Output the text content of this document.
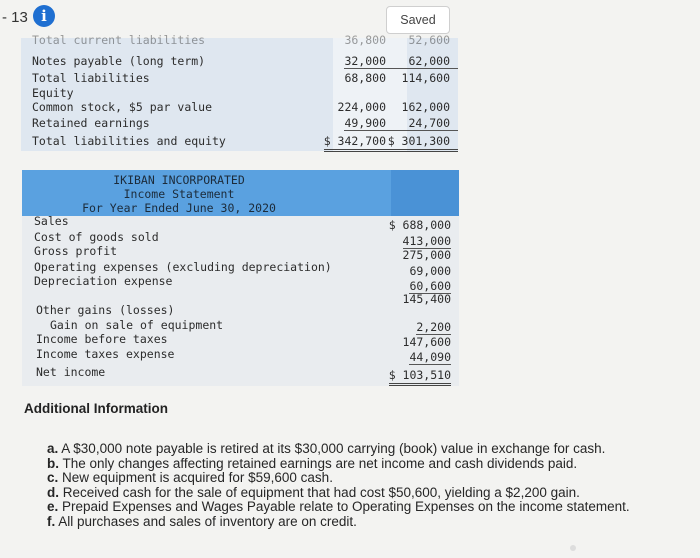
- 13 i	Saved
Total current liabilities	36,800	52,600
Notes payable (long term)	32,000	62,000
Total liabilities	68,800	114,600
Equity
Common stock, $5 par value	224,000	162,000
Retained earnings	49,900	24,700
Total liabilities and equity	$ 342,700 $ 301,300
IKIBAN INCORPORATED
Income Statement
For Year Ended June 30, 2020
Sales	$ 688,000
Cost of goods sold	413,000
Gross profit	275,000
Operating expenses (excluding depreciation)	69,000
Depreciation expense	60,600
145,400
Other gains (losses)
Gain on sale of equipment	2,200
Income before taxes	147,600
Income taxes expense	44,090
Net income	$ 103,510
Additional Information
a. A $30,000 note payable is retired at its $30,000 carrying (book) value in exchange for cash.
b. The only changes affecting retained earnings are net income and cash dividends paid.
c. New equipment is acquired for $59,600 cash.
d. Received cash for the sale of equipment that had cost $50,600, yielding a $2,200 gain.
e. Prepaid Expenses and Wages Payable relate to Operating Expenses on the income statement.
f. All purchases and sales of inventory are on credit.
